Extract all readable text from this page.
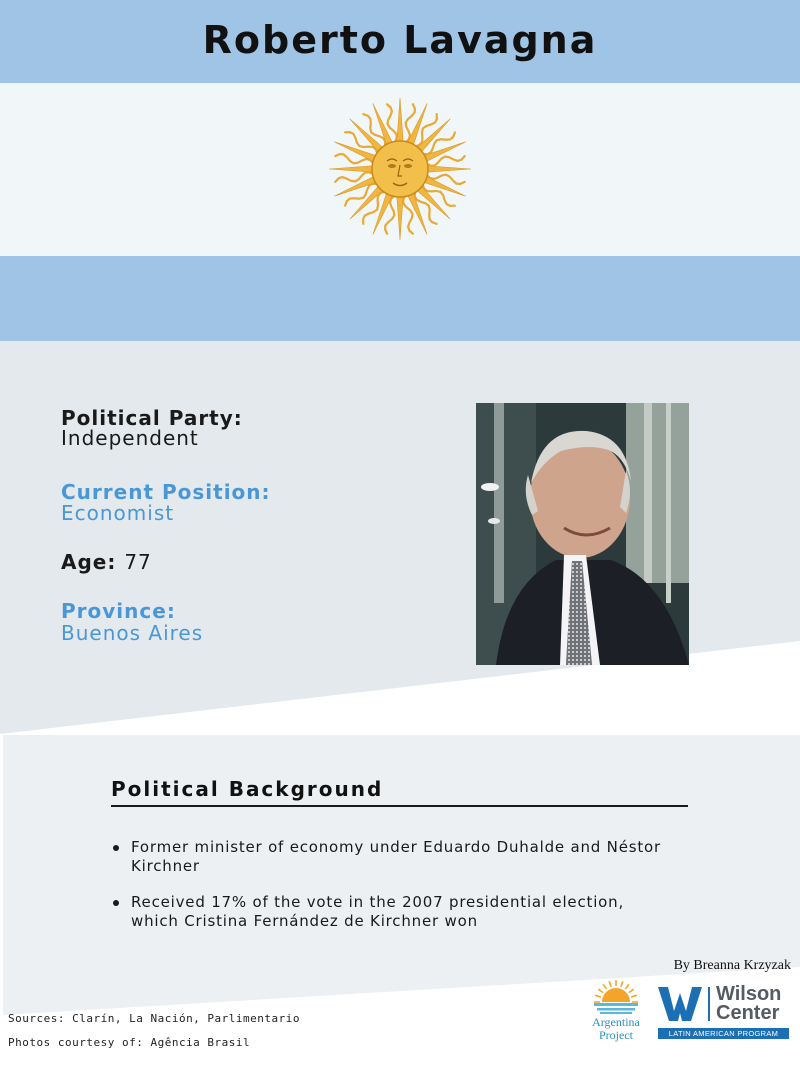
Roberto Lavagna
Political Party:
Independent
Current Position:
Economist
Age: 77
Province:
Buenos Aires
Political Background
Former minister of economy under Eduardo Duhalde and Néstor Kirchner
Received 17% of the vote in the 2007 presidential election, which Cristina Fernández de Kirchner won
By Breanna Krzyzak
Sources: Clarín, La Nación, Parlimentario
Photos courtesy of: Agência Brasil
Argentina
Project
Wilson
Center
LATIN AMERICAN PROGRAM
